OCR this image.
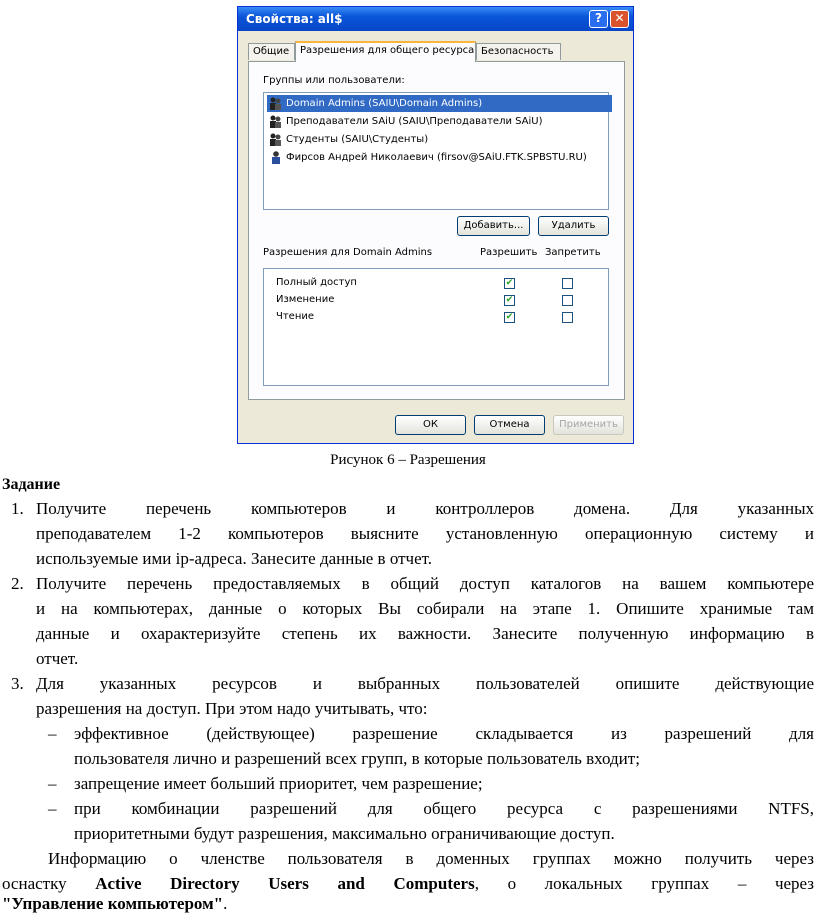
Свойства: all$	?	✕
Общие	Разрешения для общего ресурса Безопасность
Группы или пользователи:
Domain Admins (SAIU\Domain Admins)
Преподаватели SAiU (SAIU\Преподаватели SAiU)
Студенты (SAIU\Студенты)
Фирсов Андрей Николаевич (firsov@SAiU.FTK.SPBSTU.RU)
Добавить...	Удалить
Разрешения для Domain Admins	Разрешить Запретить
Полный доступ	✔
Изменение	✔
Чтение	✔
ОК	Отмена	Применить
Рисунок 6 – Разрешения
Задание
1. Получите перечень компьютеров и контроллеров домена. Для указанных
преподавателем 1-2 компьютеров выясните установленную операционную систему и
используемые ими ip-адреса. Занесите данные в отчет.
2. Получите перечень предоставляемых в общий доступ каталогов на вашем компьютере
и на компьютерах, данные о которых Вы собирали на этапе 1. Опишите хранимые там
данные и охарактеризуйте степень их важности. Занесите полученную информацию в
отчет.
3. Для указанных ресурсов и выбранных пользователей опишите действующие
разрешения на доступ. При этом надо учитывать, что:
– эффективное (действующее) разрешение складывается из разрешений для
пользователя лично и разрешений всех групп, в которые пользователь входит;
– запрещение имеет больший приоритет, чем разрешение;
– при комбинации разрешений для общего ресурса с разрешениями NTFS,
приоритетными будут разрешения, максимально ограничивающие доступ.
Информацию о членстве пользователя в доменных группах можно получить через
оснастку Active Directory Users and Computers, о локальных группах – через
"Управление компьютером".
